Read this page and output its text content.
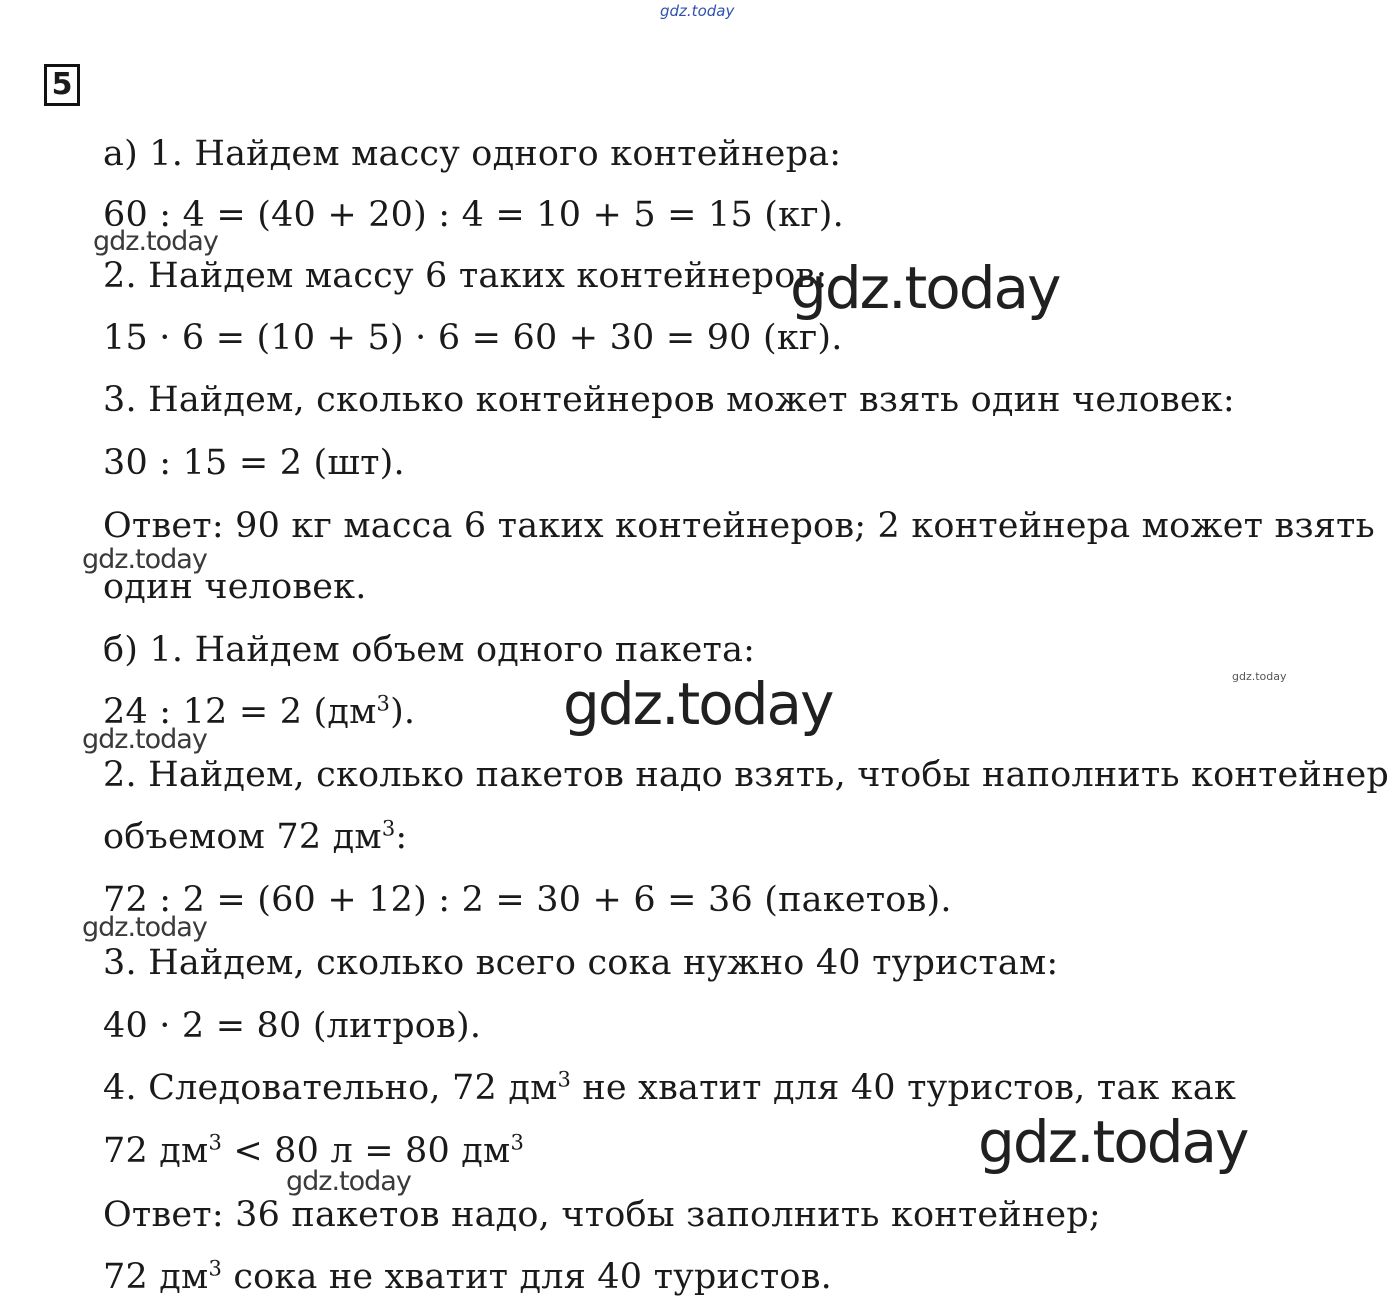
gdz.today
5
а) 1. Найдем массу одного контейнера:
60 : 4 = (40 + 20) : 4 = 10 + 5 = 15 (кг).
2. Найдем массу 6 таких контейнеров:
15 · 6 = (10 + 5) · 6 = 60 + 30 = 90 (кг).
3. Найдем, сколько контейнеров может взять один человек:
30 : 15 = 2 (шт).
Ответ: 90 кг масса 6 таких контейнеров; 2 контейнера может взять
один человек.
б) 1. Найдем объем одного пакета:
24 : 12 = 2 $(дм^3)$.
2. Найдем, сколько пакетов надо взять, чтобы наполнить контейнер
объемом 72 $дм^3$:
72 : 2 = (60 + 12) : 2 = 30 + 6 = 36 (пакетов).
3. Найдем, сколько всего сока нужно 40 туристам:
40 · 2 = 80 (литров).
4. Следовательно, 72 $дм^3$ не хватит для 40 туристов, так как
72 $дм^3 < 80$ л = 80 $дм^3$
Ответ: 36 пакетов надо, чтобы заполнить контейнер;
72 $дм^3$ сока не хватит для 40 туристов.
gdz.today
gdz.today
gdz.today
gdz.today
gdz.today
gdz.today
gdz.today
gdz.today
gdz.today
